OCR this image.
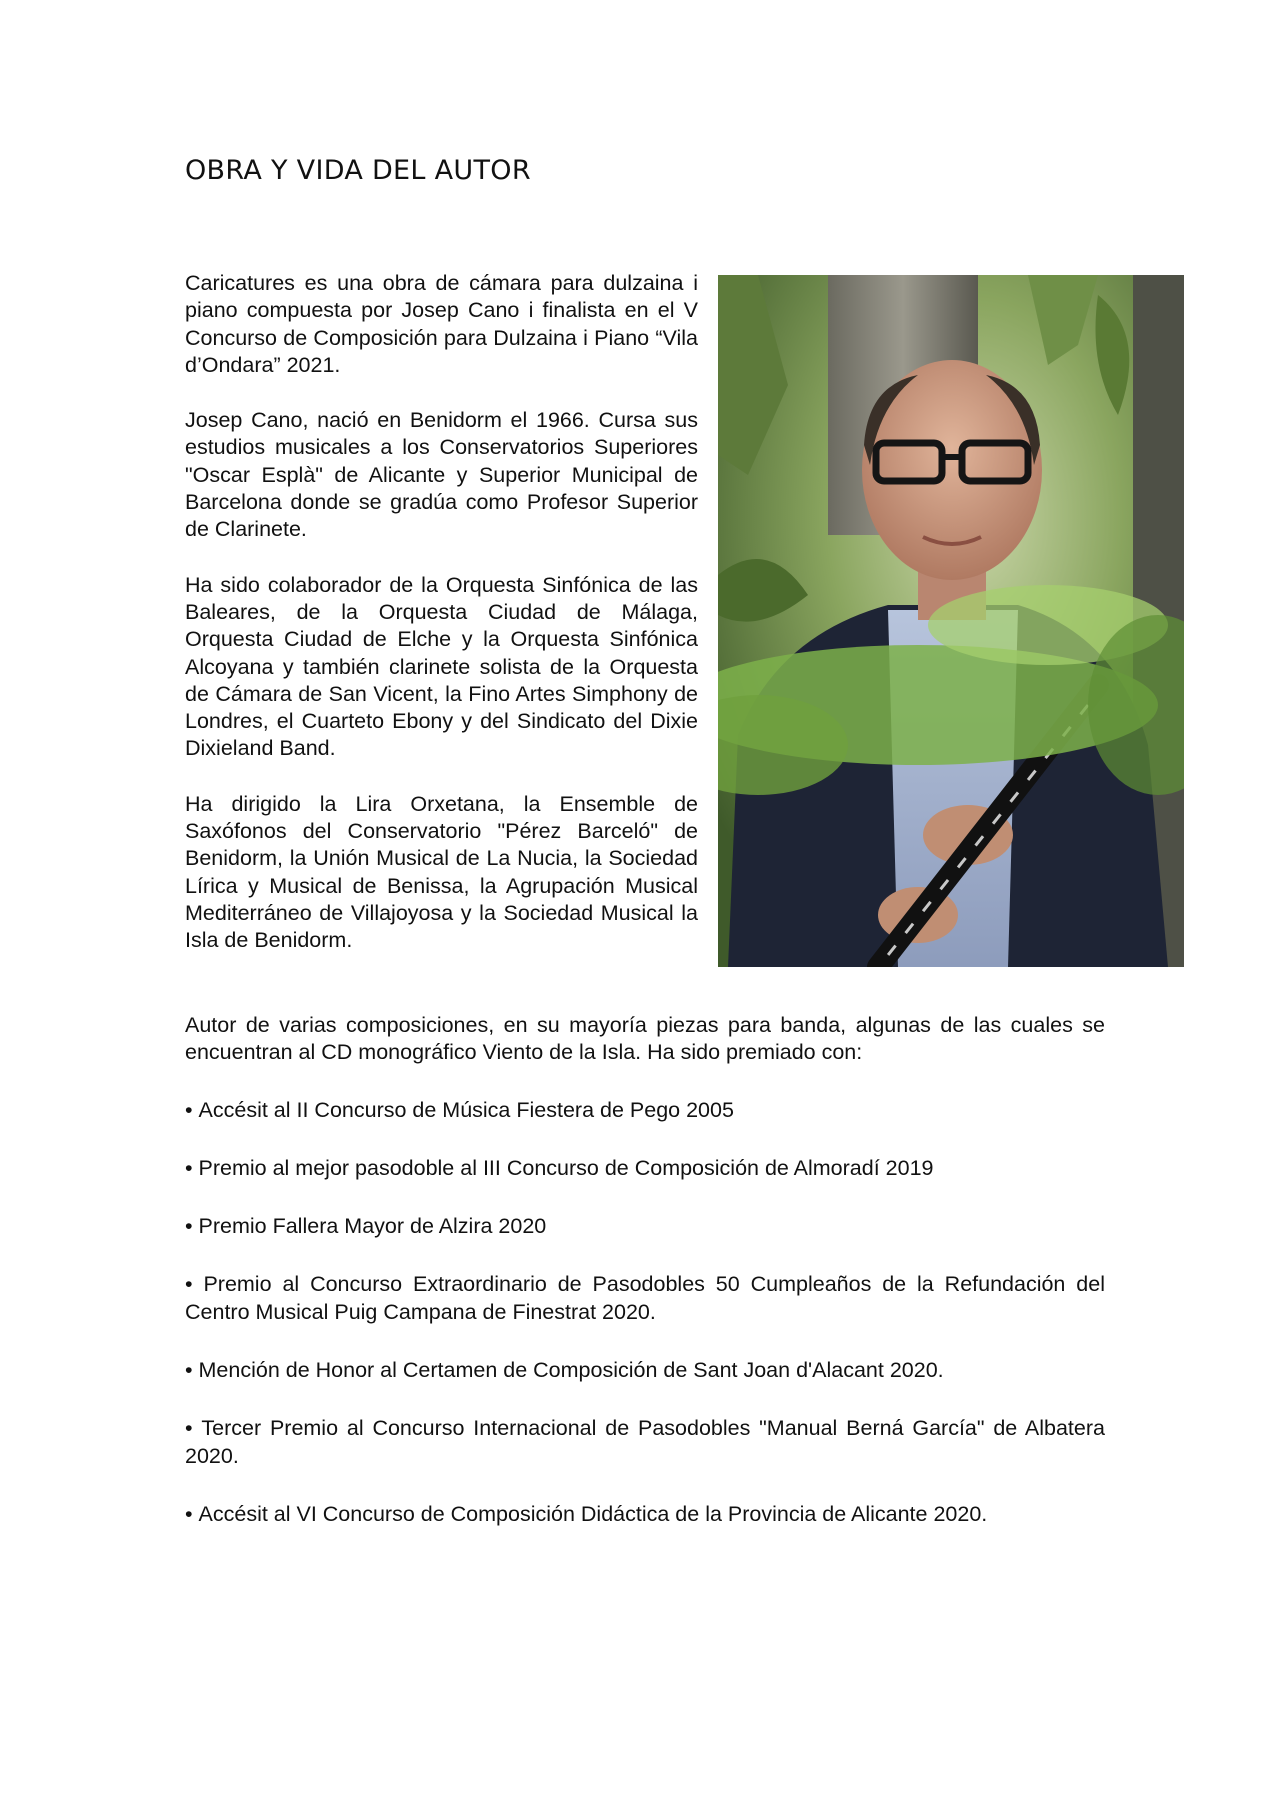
OBRA Y VIDA DEL AUTOR

Caricatures es una obra de cámara para dulzaina i piano compuesta por Josep Cano i finalista en el V Concurso de Composición para Dulzaina i Piano “Vila d’Ondara” 2021.

Josep Cano, nació en Benidorm el 1966. Cursa sus estudios musicales a los Conservatorios Superiores "Oscar Esplà" de Alicante y Superior Municipal de Barcelona donde se gradúa como Profesor Superior de Clarinete.

Ha sido colaborador de la Orquesta Sinfónica de las Baleares, de la Orquesta Ciudad de Málaga, Orquesta Ciudad de Elche y la Orquesta Sinfónica Alcoyana y también clarinete solista de la Orquesta de Cámara de San Vicent, la Fino Artes Simphony de Londres, el Cuarteto Ebony y del Sindicato del Dixie Dixieland Band.

Ha dirigido la Lira Orxetana, la Ensemble de Saxófonos del Conservatorio "Pérez Barceló" de Benidorm, la Unión Musical de La Nucia, la Sociedad Lírica y Musical de Benissa, la Agrupación Musical Mediterráneo de Villajoyosa y la Sociedad Musical la Isla de Benidorm.

Autor de varias composiciones, en su mayoría piezas para banda, algunas de las cuales se encuentran al CD monográfico Viento de la Isla. Ha sido premiado con:

• Accésit al II Concurso de Música Fiestera de Pego 2005
• Premio al mejor pasodoble al III Concurso de Composición de Almoradí 2019
• Premio Fallera Mayor de Alzira 2020
• Premio al Concurso Extraordinario de Pasodobles 50 Cumpleaños de la Refundación del Centro Musical Puig Campana de Finestrat 2020.
• Mención de Honor al Certamen de Composición de Sant Joan d'Alacant 2020.
• Tercer Premio al Concurso Internacional de Pasodobles "Manual Berná García" de Albatera 2020.
• Accésit al VI Concurso de Composición Didáctica de la Provincia de Alicante 2020.
